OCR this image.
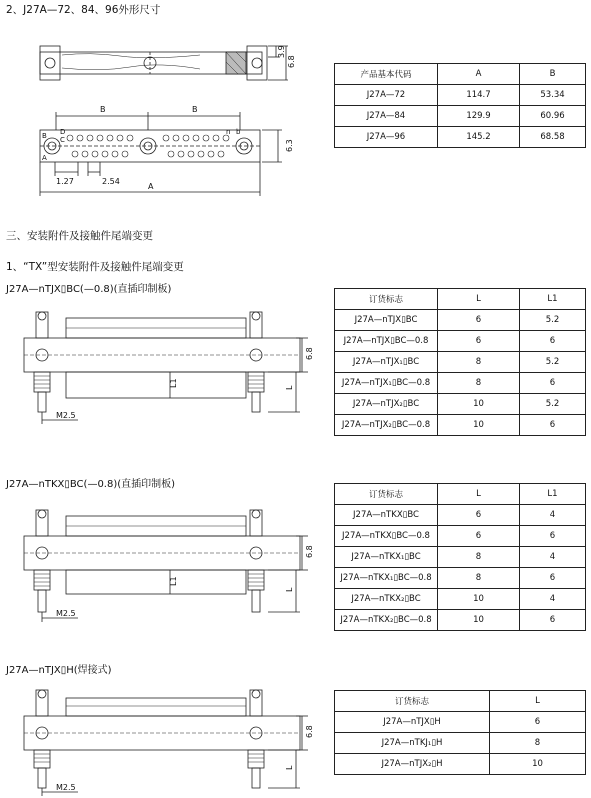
2、J27A—72、84、96外形尺寸
三、安装附件及接触件尾端变更
1、“TX”型安装附件及接触件尾端变更
J27A—nTJX▯BC(—0.8)(直插印制板)
J27A—nTKX▯BC(—0.8)(直插印制板)
J27A—nTJX▯H(焊接式)
3.9
6.8
B	B
A
1.27	2.54
6.3
B D
C
A
n b
6.8
L1	L
M2.5
6.8
L1
L
M2.5
6.8
L
M2.5
产品基本代码	A	B
J27A—72	114.7	53.34
J27A—84	129.9	60.96
J27A—96	145.2	68.58
订货标志	L	L1
J27A—nTJX▯BC	6	5.2
J27A—nTJX▯BC—0.8	6	6
J27A—nTJX₁▯BC	8	5.2
J27A—nTJX₁▯BC—0.8	8	6
J27A—nTJX₂▯BC	10	5.2
J27A—nTJX₂▯BC—0.8	10	6
订货标志	L	L1
J27A—nTKX▯BC	6	4
J27A—nTKX▯BC—0.8	6	6
J27A—nTKX₁▯BC	8	4
J27A—nTKX₁▯BC—0.8	8	6
J27A—nTKX₂▯BC	10	4
J27A—nTKX₂▯BC—0.8	10	6
订货标志	L
J27A—nTJX▯H	6
J27A—nTKJ₁▯H	8
J27A—nTJX₂▯H	10
